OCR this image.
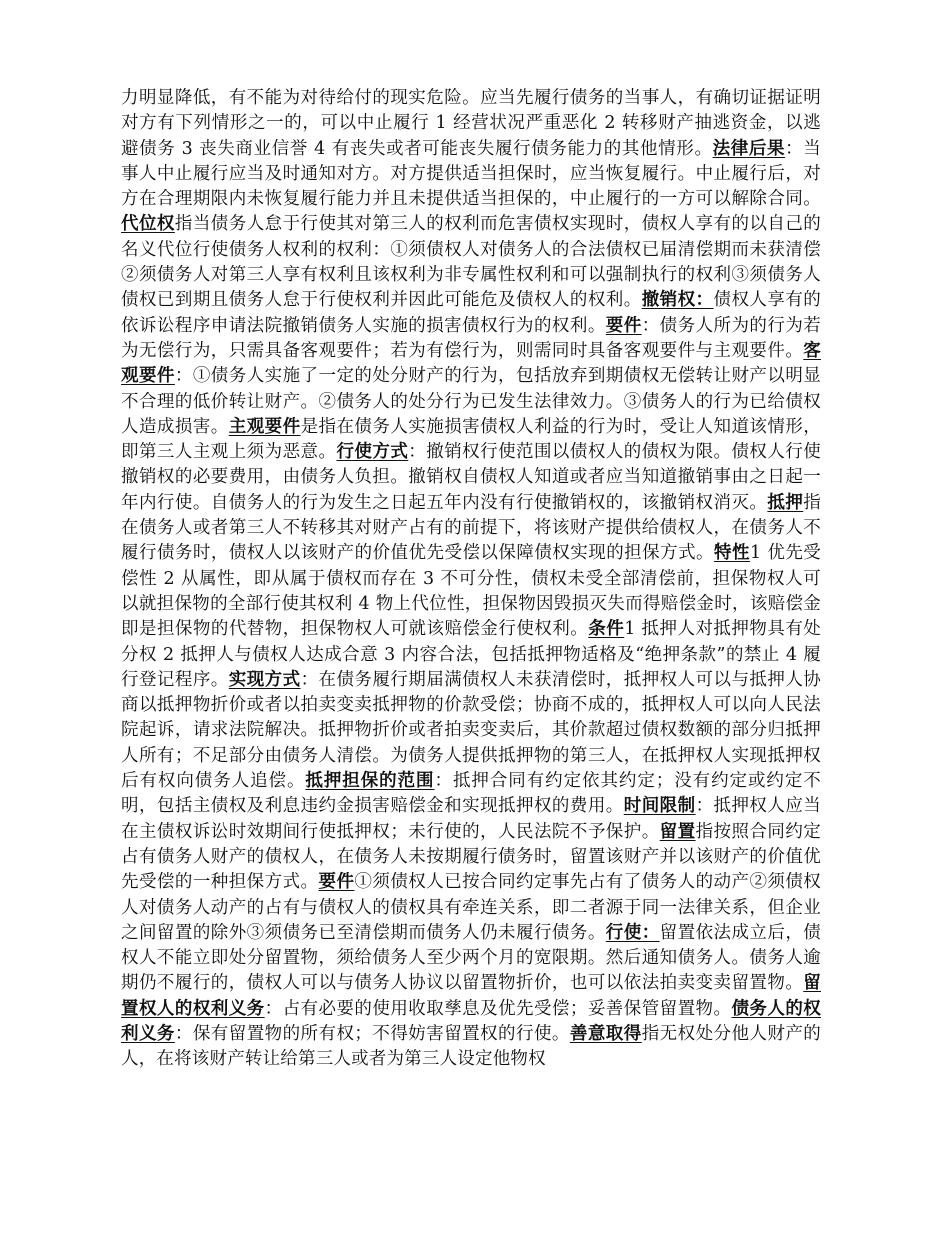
力明显降低，有不能为对待给付的现实危险。应当先履行债务的当事人，有确切证据证明对方有下列情形之一的，可以中止履行 1 经营状况严重恶化 2 转移财产抽逃资金，以逃避债务 3 丧失商业信誉 4 有丧失或者可能丧失履行债务能力的其他情形。法律后果：当事人中止履行应当及时通知对方。对方提供适当担保时，应当恢复履行。中止履行后，对方在合理期限内未恢复履行能力并且未提供适当担保的，中止履行的一方可以解除合同。代位权指当债务人怠于行使其对第三人的权利而危害债权实现时，债权人享有的以自己的名义代位行使债务人权利的权利：①须债权人对债务人的合法债权已届清偿期而未获清偿②须债务人对第三人享有权利且该权利为非专属性权利和可以强制执行的权利③须债务人债权已到期且债务人怠于行使权利并因此可能危及债权人的权利。撤销权：债权人享有的依诉讼程序申请法院撤销债务人实施的损害债权行为的权利。要件：债务人所为的行为若为无偿行为，只需具备客观要件；若为有偿行为，则需同时具备客观要件与主观要件。客观要件：①债务人实施了一定的处分财产的行为，包括放弃到期债权无偿转让财产以明显不合理的低价转让财产。②债务人的处分行为已发生法律效力。③债务人的行为已给债权人造成损害。主观要件是指在债务人实施损害债权人利益的行为时，受让人知道该情形，即第三人主观上须为恶意。行使方式：撤销权行使范围以债权人的债权为限。债权人行使撤销权的必要费用，由债务人负担。撤销权自债权人知道或者应当知道撤销事由之日起一年内行使。自债务人的行为发生之日起五年内没有行使撤销权的，该撤销权消灭。抵押指在债务人或者第三人不转移其对财产占有的前提下，将该财产提供给债权人，在债务人不履行债务时，债权人以该财产的价值优先受偿以保障债权实现的担保方式。特性1 优先受偿性 2 从属性，即从属于债权而存在 3 不可分性，债权未受全部清偿前，担保物权人可以就担保物的全部行使其权利 4 物上代位性，担保物因毁损灭失而得赔偿金时，该赔偿金即是担保物的代替物，担保物权人可就该赔偿金行使权利。条件1 抵押人对抵押物具有处分权 2 抵押人与债权人达成合意 3 内容合法，包括抵押物适格及“绝押条款”的禁止 4 履行登记程序。实现方式：在债务履行期届满债权人未获清偿时，抵押权人可以与抵押人协商以抵押物折价或者以拍卖变卖抵押物的价款受偿；协商不成的，抵押权人可以向人民法院起诉，请求法院解决。抵押物折价或者拍卖变卖后，其价款超过债权数额的部分归抵押人所有；不足部分由债务人清偿。为债务人提供抵押物的第三人，在抵押权人实现抵押权后有权向债务人追偿。抵押担保的范围：抵押合同有约定依其约定；没有约定或约定不明，包括主债权及利息违约金损害赔偿金和实现抵押权的费用。时间限制：抵押权人应当在主债权诉讼时效期间行使抵押权；未行使的，人民法院不予保护。留置指按照合同约定占有债务人财产的债权人，在债务人未按期履行债务时，留置该财产并以该财产的价值优先受偿的一种担保方式。要件①须债权人已按合同约定事先占有了债务人的动产②须债权人对债务人动产的占有与债权人的债权具有牵连关系，即二者源于同一法律关系，但企业之间留置的除外③须债务已至清偿期而债务人仍未履行债务。行使：留置依法成立后，债权人不能立即处分留置物，须给债务人至少两个月的宽限期。然后通知债务人。债务人逾期仍不履行的，债权人可以与债务人协议以留置物折价，也可以依法拍卖变卖留置物。留置权人的权利义务：占有必要的使用收取孳息及优先受偿；妥善保管留置物。债务人的权利义务：保有留置物的所有权；不得妨害留置权的行使。善意取得指无权处分他人财产的人，在将该财产转让给第三人或者为第三人设定他物权
